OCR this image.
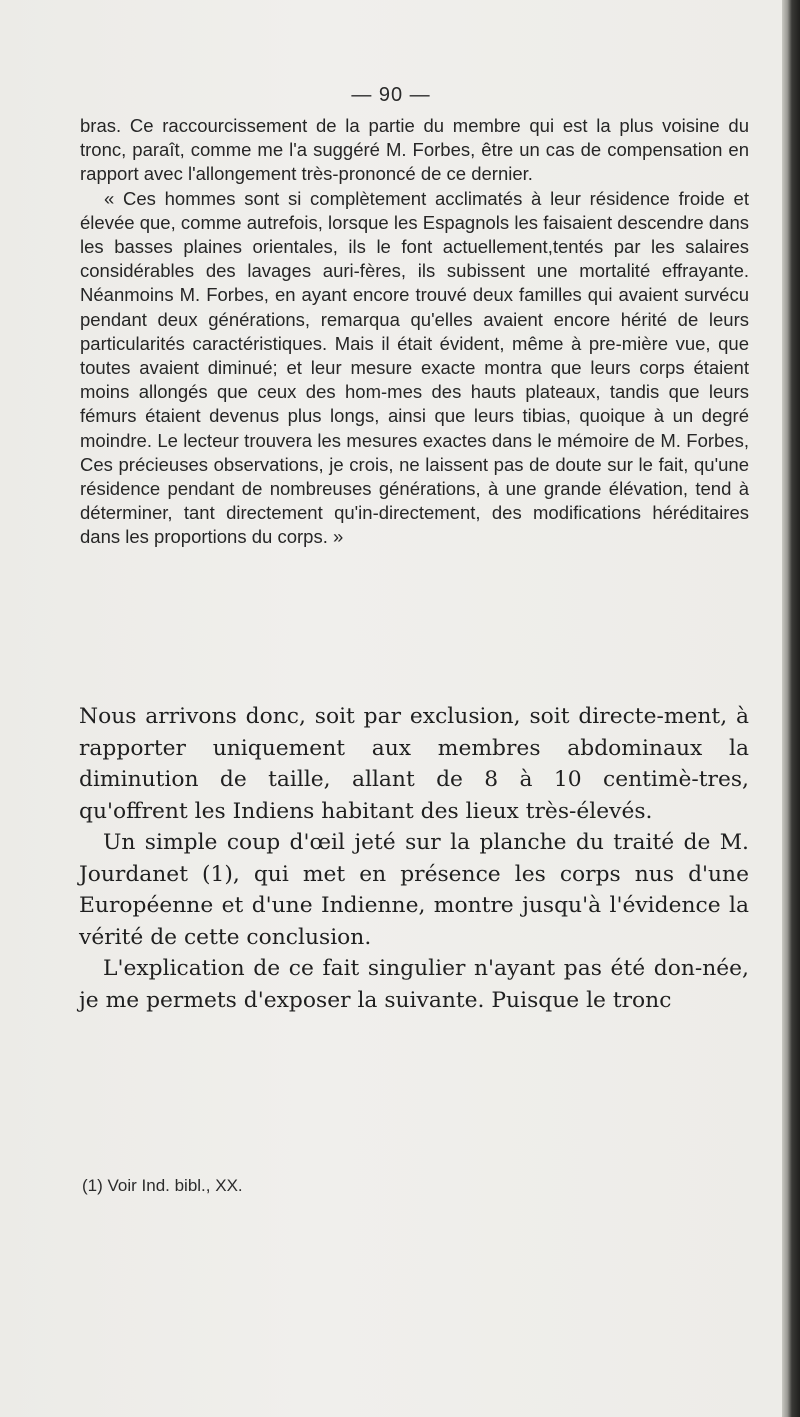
— 90 —

bras. Ce raccourcissement de la partie du membre qui est la plus voisine du tronc, paraît, comme me l'a suggéré M. Forbes, être un cas de compensation en rapport avec l'allongement très-prononcé de ce dernier.

« Ces hommes sont si complètement acclimatés à leur résidence froide et élevée que, comme autrefois, lorsque les Espagnols les faisaient descendre dans les basses plaines orientales, ils le font actuellement,tentés par les salaires considérables des lavages auri-fères, ils subissent une mortalité effrayante. Néanmoins M. Forbes, en ayant encore trouvé deux familles qui avaient survécu pendant deux générations, remarqua qu'elles avaient encore hérité de leurs particularités caractéristiques. Mais il était évident, même à pre-mière vue, que toutes avaient diminué; et leur mesure exacte montra que leurs corps étaient moins allongés que ceux des hom-mes des hauts plateaux, tandis que leurs fémurs étaient devenus plus longs, ainsi que leurs tibias, quoique à un degré moindre. Le lecteur trouvera les mesures exactes dans le mémoire de M. Forbes, Ces précieuses observations, je crois, ne laissent pas de doute sur le fait, qu'une résidence pendant de nombreuses générations, à une grande élévation, tend à déterminer, tant directement qu'in-directement, des modifications héréditaires dans les proportions du corps. »

Nous arrivons donc, soit par exclusion, soit directe-ment, à rapporter uniquement aux membres abdominaux la diminution de taille, allant de 8 à 10 centimè-tres, qu'offrent les Indiens habitant des lieux très-élevés.

Un simple coup d'œil jeté sur la planche du traité de M. Jourdanet (1), qui met en présence les corps nus d'une Européenne et d'une Indienne, montre jusqu'à l'évidence la vérité de cette conclusion.

L'explication de ce fait singulier n'ayant pas été don-née, je me permets d'exposer la suivante. Puisque le tronc

(1) Voir Ind. bibl., XX.
